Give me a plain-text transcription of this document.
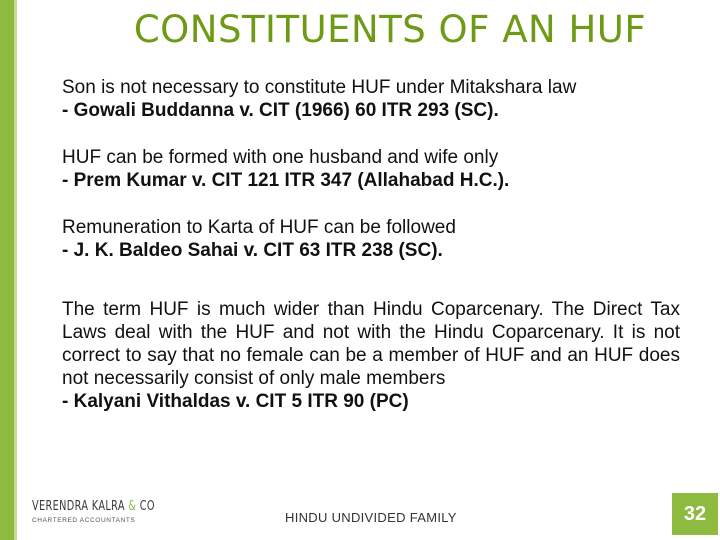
CONSTITUENTS OF AN HUF
Son is not necessary to constitute HUF under Mitakshara law
- Gowali Buddanna v. CIT (1966) 60 ITR 293 (SC).
HUF can be formed with one husband and wife only
- Prem Kumar v. CIT 121 ITR 347 (Allahabad H.C.).
Remuneration to Karta of HUF can be followed
- J. K. Baldeo Sahai v. CIT 63 ITR 238 (SC).
The term HUF is much wider than Hindu Coparcenary. The Direct Tax Laws deal with the HUF and not with the Hindu Coparcenary. It is not correct to say that no female can be a member of HUF and an HUF does not necessarily consist of only male members
- Kalyani Vithaldas v. CIT 5 ITR 90 (PC)
VERENDRA KALRA & CO
CHARTERED ACCOUNTANTS	HINDU UNDIVIDED FAMILY	32
